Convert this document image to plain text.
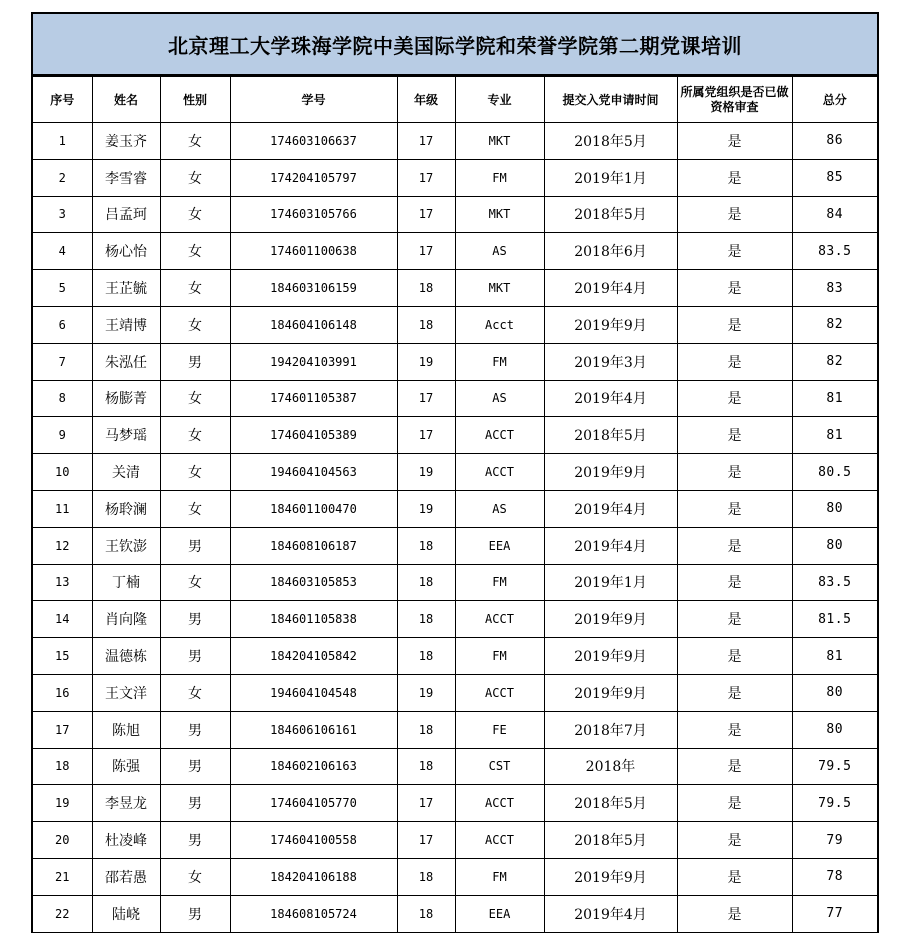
北京理工大学珠海学院中美国际学院和荣誉学院第二期党课培训
序号	姓名	性别	学号	年级	专业	提交入党申请时间	所属党组织是否已做资格审查	总分
1	姜玉齐	女	174603106637	17	MKT	2018年5月	是	86
2	李雪睿	女	174204105797	17	FM	2019年1月	是	85
3	吕孟珂	女	174603105766	17	MKT	2018年5月	是	84
4	杨心怡	女	174601100638	17	AS	2018年6月	是	83.5
5	王芷毓	女	184603106159	18	MKT	2019年4月	是	83
6	王靖博	女	184604106148	18	Acct	2019年9月	是	82
7	朱泓任	男	194204103991	19	FM	2019年3月	是	82
8	杨膨菁	女	174601105387	17	AS	2019年4月	是	81
9	马梦瑶	女	174604105389	17	ACCT	2018年5月	是	81
10	关清	女	194604104563	19	ACCT	2019年9月	是	80.5
11	杨聆澜	女	184601100470	19	AS	2019年4月	是	80
12	王钦澎	男	184608106187	18	EEA	2019年4月	是	80
13	丁楠	女	184603105853	18	FM	2019年1月	是	83.5
14	肖向隆	男	184601105838	18	ACCT	2019年9月	是	81.5
15	温德栋	男	184204105842	18	FM	2019年9月	是	81
16	王文洋	女	194604104548	19	ACCT	2019年9月	是	80
17	陈旭	男	184606106161	18	FE	2018年7月	是	80
18	陈强	男	184602106163	18	CST	2018年	是	79.5
19	李昱龙	男	174604105770	17	ACCT	2018年5月	是	79.5
20	杜凌峰	男	174604100558	17	ACCT	2018年5月	是	79
21	邵若愚	女	184204106188	18	FM	2019年9月	是	78
22	陆峣	男	184608105724	18	EEA	2019年4月	是	77
